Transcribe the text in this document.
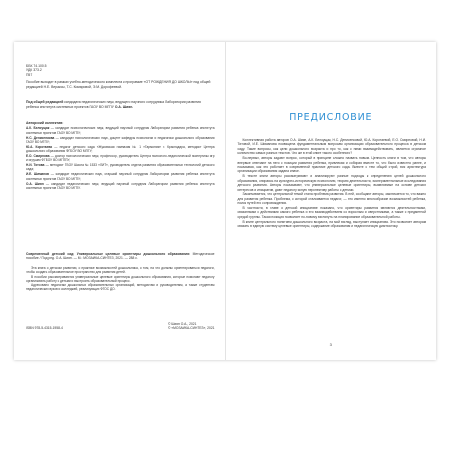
ББК 74.100.5
УДК 373.2
П57

Пособие выходит в рамках учебно-методического комплекта к программе «ОТ РОЖДЕНИЯ ДО ШКОЛЫ» под общей редакцией Н.Е. Вераксы, Т.С. Комаровой, Э.М. Дорофеевой.

Под общей редакцией кандидата педагогических наук, ведущего научного сотрудника Лаборатории развития ребенка института системных проектов ГАОУ ВО МГПУ О.А. Шиян.

Авторский коллектив:

А.К. Белоущак — кандидат психологических наук, ведущий научный сотрудник Лаборатории развития ребенка института системных проектов ГАОУ ВО МГПУ;

Н.С. Денисенкова — кандидат психологических наук, доцент кафедры психологии и педагогики дошкольного образования ГАОУ ВО МГПУ;

Ю.А. Коротаева — педагог детского сада «Жуковская гимназия № 1 «Гармония» г. Краснодара, методист Центра дошкольного образования ФГБОУ ВО МПГУ;

Е.О. Смирнова — доктор психологических наук, профессор, руководитель Центра психолого-педагогической экспертизы игр и игрушек ФГБОУ ВО МГППУ;

Н.И. Титова — методист ГБОУ Школа № 1533 «ЛИТ», руководитель отдела развития образовательных технологий детского сада;

И.Е. Шиманов — кандидат педагогических наук, старший научный сотрудник Лаборатории развития ребенка института системных проектов ГАОУ ВО МГПУ;

О.А. Шиян — кандидат педагогических наук, ведущий научный сотрудник Лаборатории развития ребенка института системных проектов ГАОУ ВО МГПУ.

Современный детский сад: Универсальные целевые ориентиры дошкольного образования: Методическое пособие / Под ред. О.А. Шиян. — М.: МОЗАИКА-СИНТЕЗ, 2021. — 288 с.

Эта книга о детском развитии, о практике возможностей дошкольника, о том, на что должны ориентироваться педагоги, чтобы создать образовательное пространство для развития детей.

В пособии рассматриваются универсальные целевые ориентиры дошкольного образования, которые помогают педагогу организовать работу с детьми и выстроить образовательный процесс.

Адресовано педагогам дошкольных образовательных организаций, методистам и руководителям, а также студентам педагогических вузов и колледжей, реализующих ФГОС ДО.

ISBN 978-5-4315-1958-4
© Шиян О.А., 2021
© «МОЗАИКА-СИНТЕЗ», 2021
ПРЕДИСЛОВИЕ

Коллективная работа авторов О.А. Шиян, А.К. Белоущак, Н.С. Денисенковой, Ю.А. Коротаевой, Е.О. Смирновой, Н.И. Титовой, И.Е. Шиманова посвящена фундаментальным вопросам организации образовательного процесса в детском саду. Такие вопросы, как цели дошкольного возраста и про то, как с ними взаимодействовать, является огромное количество самых разных текстов. Что же в этой книге такого особенного?

Во-первых, авторы задают вопрос, который в принципе сложно назвать новым. Ценность книги в том, что авторы впервые отвечают на него с позиции развития ребенка, привлекая и собирая вместе то, что было известно ранее, и показывая, как это работает в современной практике детского сада. Вместе с тем общий строй, вся архитектура организации образования задана иначе.

В тексте книги авторы рассматривают и анализируют разные подходы к определению целей дошкольного образования, опираясь на культурно-историческую психологию, теорию деятельности, экспериментальные исследования детского развития. Авторы показывают, что универсальные целевые ориентиры, выявляемые на основе детских интересов и инициатив, дают педагогу ясную перспективу работы с детьми.

Заканчивается, что центральной темой стала проблема развития. В ней, сообщают авторы, заключается то, что важно для развития ребенка. Проблема, с которой сталкивается педагог, — это именно многообразие возможностей ребенка, поиск путей его сопровождения.

В частности, в главе о детской инициативе показано, что ориентиры развития являются деятельностными, связанными с действиями самого ребенка и его взаимодействием со взрослым и сверстниками, а также с предметной средой группы. Такая позиция позволяет по-новому взглянуть на планирование образовательной работы.

В книге центрального понятием дошкольного возраста, на мой взгляд, выступает инициатива. Это позволяет авторам связать в единую систему целевые ориентиры, содержание образования и педагогическую диагностику.

3
